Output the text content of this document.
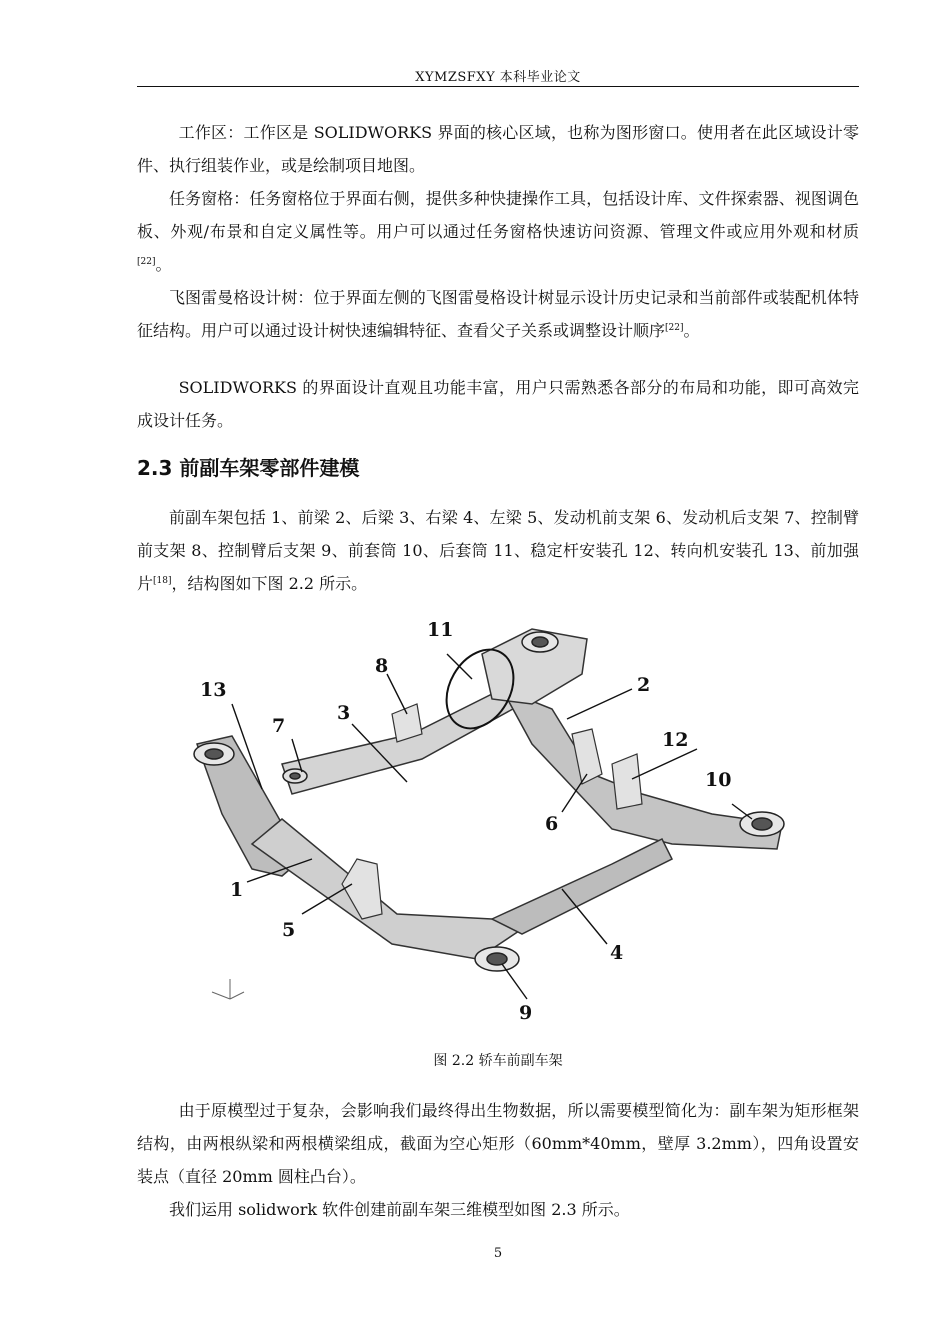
XYMZSFXY 本科毕业论文

工作区：工作区是 SOLIDWORKS 界面的核心区域，也称为图形窗口。使用者在此区域设计零件、执行组装作业，或是绘制项目地图。

任务窗格：任务窗格位于界面右侧，提供多种快捷操作工具，包括设计库、文件探索器、视图调色板、外观/布景和自定义属性等。用户可以通过任务窗格快速访问资源、管理文件或应用外观和材质[22]。

飞图雷曼格设计树：位于界面左侧的飞图雷曼格设计树显示设计历史记录和当前部件或装配机体特征结构。用户可以通过设计树快速编辑特征、查看父子关系或调整设计顺序[22]。

SOLIDWORKS 的界面设计直观且功能丰富，用户只需熟悉各部分的布局和功能，即可高效完成设计任务。

2.3 前副车架零部件建模

前副车架包括 1、前梁 2、后梁 3、右梁 4、左梁 5、发动机前支架 6、发动机后支架 7、控制臂前支架 8、控制臂后支架 9、前套筒 10、后套筒 11、稳定杆安装孔 12、转向机安装孔 13、前加强片[18]，结构图如下图 2.2 所示。

1
2
3
4
5
6
7
8
9
10
11
12
13
图 2.2 轿车前副车架

由于原模型过于复杂，会影响我们最终得出生物数据，所以需要模型简化为：副车架为矩形框架结构，由两根纵梁和两根横梁组成，截面为空心矩形（60mm*40mm，壁厚 3.2mm），四角设置安装点（直径 20mm 圆柱凸台）。

我们运用 solidwork 软件创建前副车架三维模型如图 2.3 所示。

5
